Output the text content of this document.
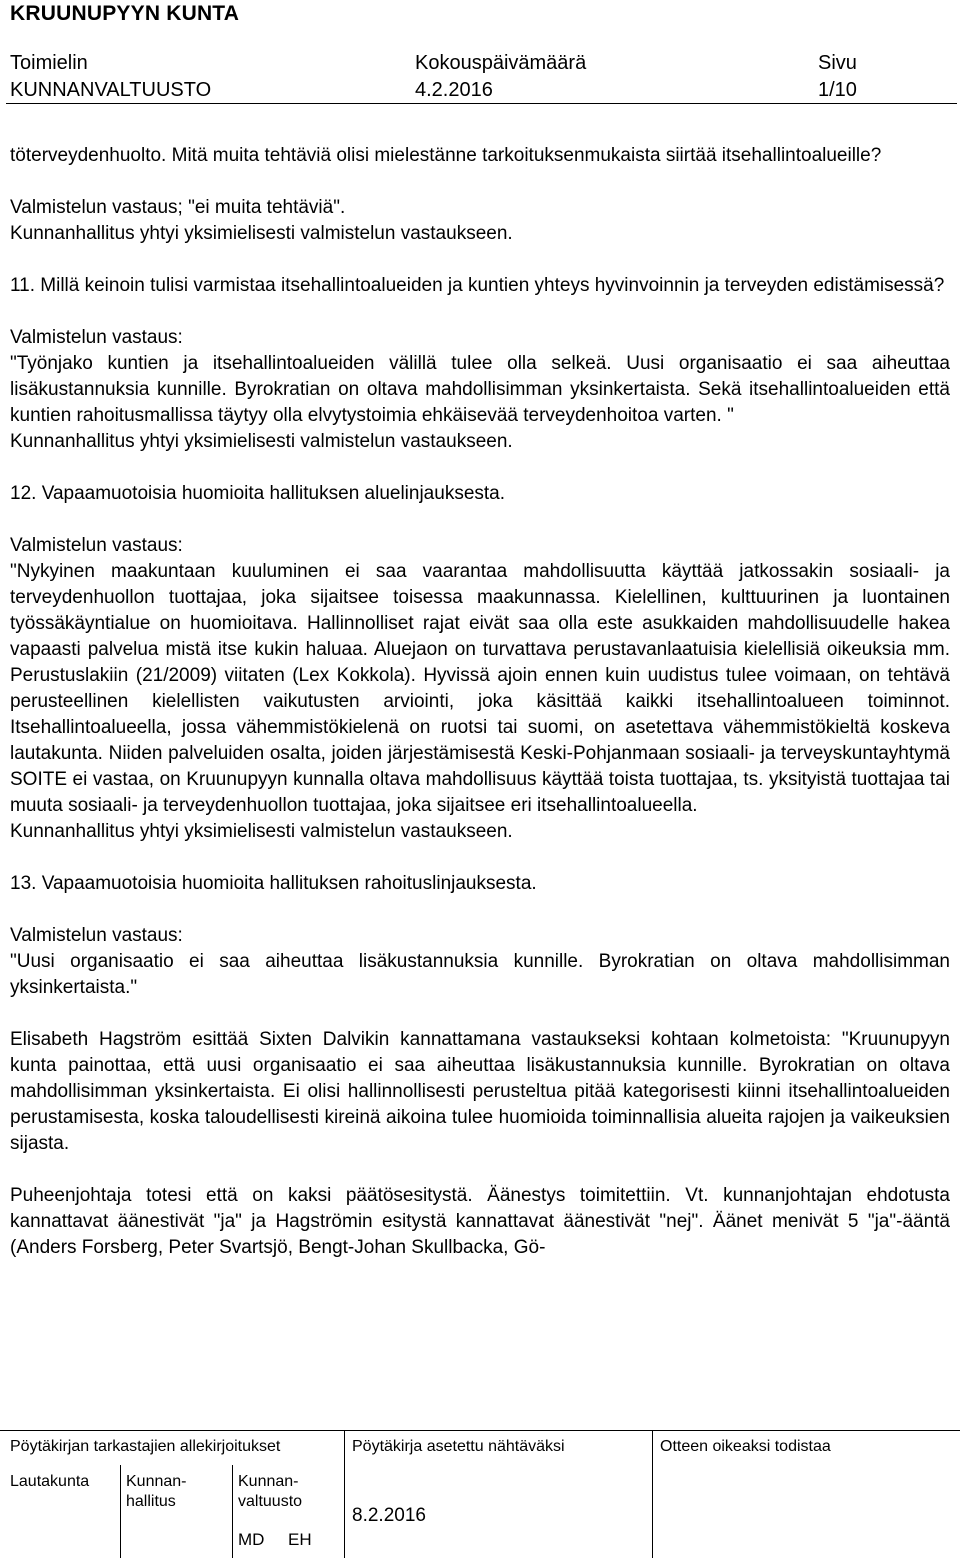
KRUUNUPYYN KUNTA
Toimielin
KUNNANVALTUUSTO
Kokouspäivämäärä
4.2.2016
Sivu
1/10

töterveydenhuolto. Mitä muita tehtäviä olisi mielestänne tarkoituksenmukaista siirtää itsehallintoalueille?

Valmistelun vastaus; "ei muita tehtäviä".

Kunnanhallitus yhtyi yksimielisesti valmistelun vastaukseen.

11. Millä keinoin tulisi varmistaa itsehallintoalueiden ja kuntien yhteys hyvinvoinnin ja terveyden edistämisessä?

Valmistelun vastaus:

"Työnjako kuntien ja itsehallintoalueiden välillä tulee olla selkeä. Uusi organisaatio ei saa aiheuttaa lisäkustannuksia kunnille. Byrokratian on oltava mahdollisimman yksinkertaista. Sekä itsehallintoalueiden että kuntien rahoitusmallissa täytyy olla elvytystoimia ehkäisevää terveydenhoitoa varten. "

Kunnanhallitus yhtyi yksimielisesti valmistelun vastaukseen.

12. Vapaamuotoisia huomioita hallituksen aluelinjauksesta.

Valmistelun vastaus:

"Nykyinen maakuntaan kuuluminen ei saa vaarantaa mahdollisuutta käyttää jatkossakin sosiaali- ja terveydenhuollon tuottajaa, joka sijaitsee toisessa maakunnassa. Kielellinen, kulttuurinen ja luontainen työssäkäyntialue on huomioitava. Hallinnolliset rajat eivät saa olla este asukkaiden mahdollisuudelle hakea vapaasti palvelua mistä itse kukin haluaa. Aluejaon on turvattava perustavanlaatuisia kielellisiä oikeuksia mm. Perustuslakiin (21/2009) viitaten (Lex Kokkola). Hyvissä ajoin ennen kuin uudistus tulee voimaan, on tehtävä perusteellinen kielellisten vaikutusten arviointi, joka käsittää kaikki itsehallintoalueen toiminnot. Itsehallintoalueella, jossa vähemmistökielenä on ruotsi tai suomi, on asetettava vähemmistökieltä koskeva lautakunta. Niiden palveluiden osalta, joiden järjestämisestä Keski-Pohjanmaan sosiaali- ja terveyskuntayhtymä SOITE ei vastaa, on Kruunupyyn kunnalla oltava mahdollisuus käyttää toista tuottajaa, ts. yksityistä tuottajaa tai muuta sosiaali- ja terveydenhuollon tuottajaa, joka sijaitsee eri itsehallintoalueella.

Kunnanhallitus yhtyi yksimielisesti valmistelun vastaukseen.

13. Vapaamuotoisia huomioita hallituksen rahoituslinjauksesta.

Valmistelun vastaus:

"Uusi organisaatio ei saa aiheuttaa lisäkustannuksia kunnille. Byrokratian on oltava mahdollisimman yksinkertaista."

Elisabeth Hagström esittää Sixten Dalvikin kannattamana vastaukseksi kohtaan kolmetoista: "Kruunupyyn kunta painottaa, että uusi organisaatio ei saa aiheuttaa lisäkustannuksia kunnille. Byrokratian on oltava mahdollisimman yksinkertaista. Ei olisi hallinnollisesti perusteltua pitää kategorisesti kiinni itsehallintoalueiden perustamisesta, koska taloudellisesti kireinä aikoina tulee huomioida toiminnallisia alueita rajojen ja vaikeuksien sijasta.

Puheenjohtaja totesi että on kaksi päätösesitystä. Äänestys toimitettiin. Vt. kunnanjohtajan ehdotusta kannattavat äänestivät "ja" ja Hagströmin esitystä kannattavat äänestivät "nej". Äänet menivät 5 "ja"-ääntä (Anders Forsberg, Peter Svartsjö, Bengt-Johan Skullbacka, Gö-

Pöytäkirjan tarkastajien allekirjoitukset	Pöytäkirja asetettu nähtäväksi	Otteen oikeaksi todistaa
Lautakunta Kunnan-
hallitus
Kunnan-
valtuusto
MD EH
8.2.2016
